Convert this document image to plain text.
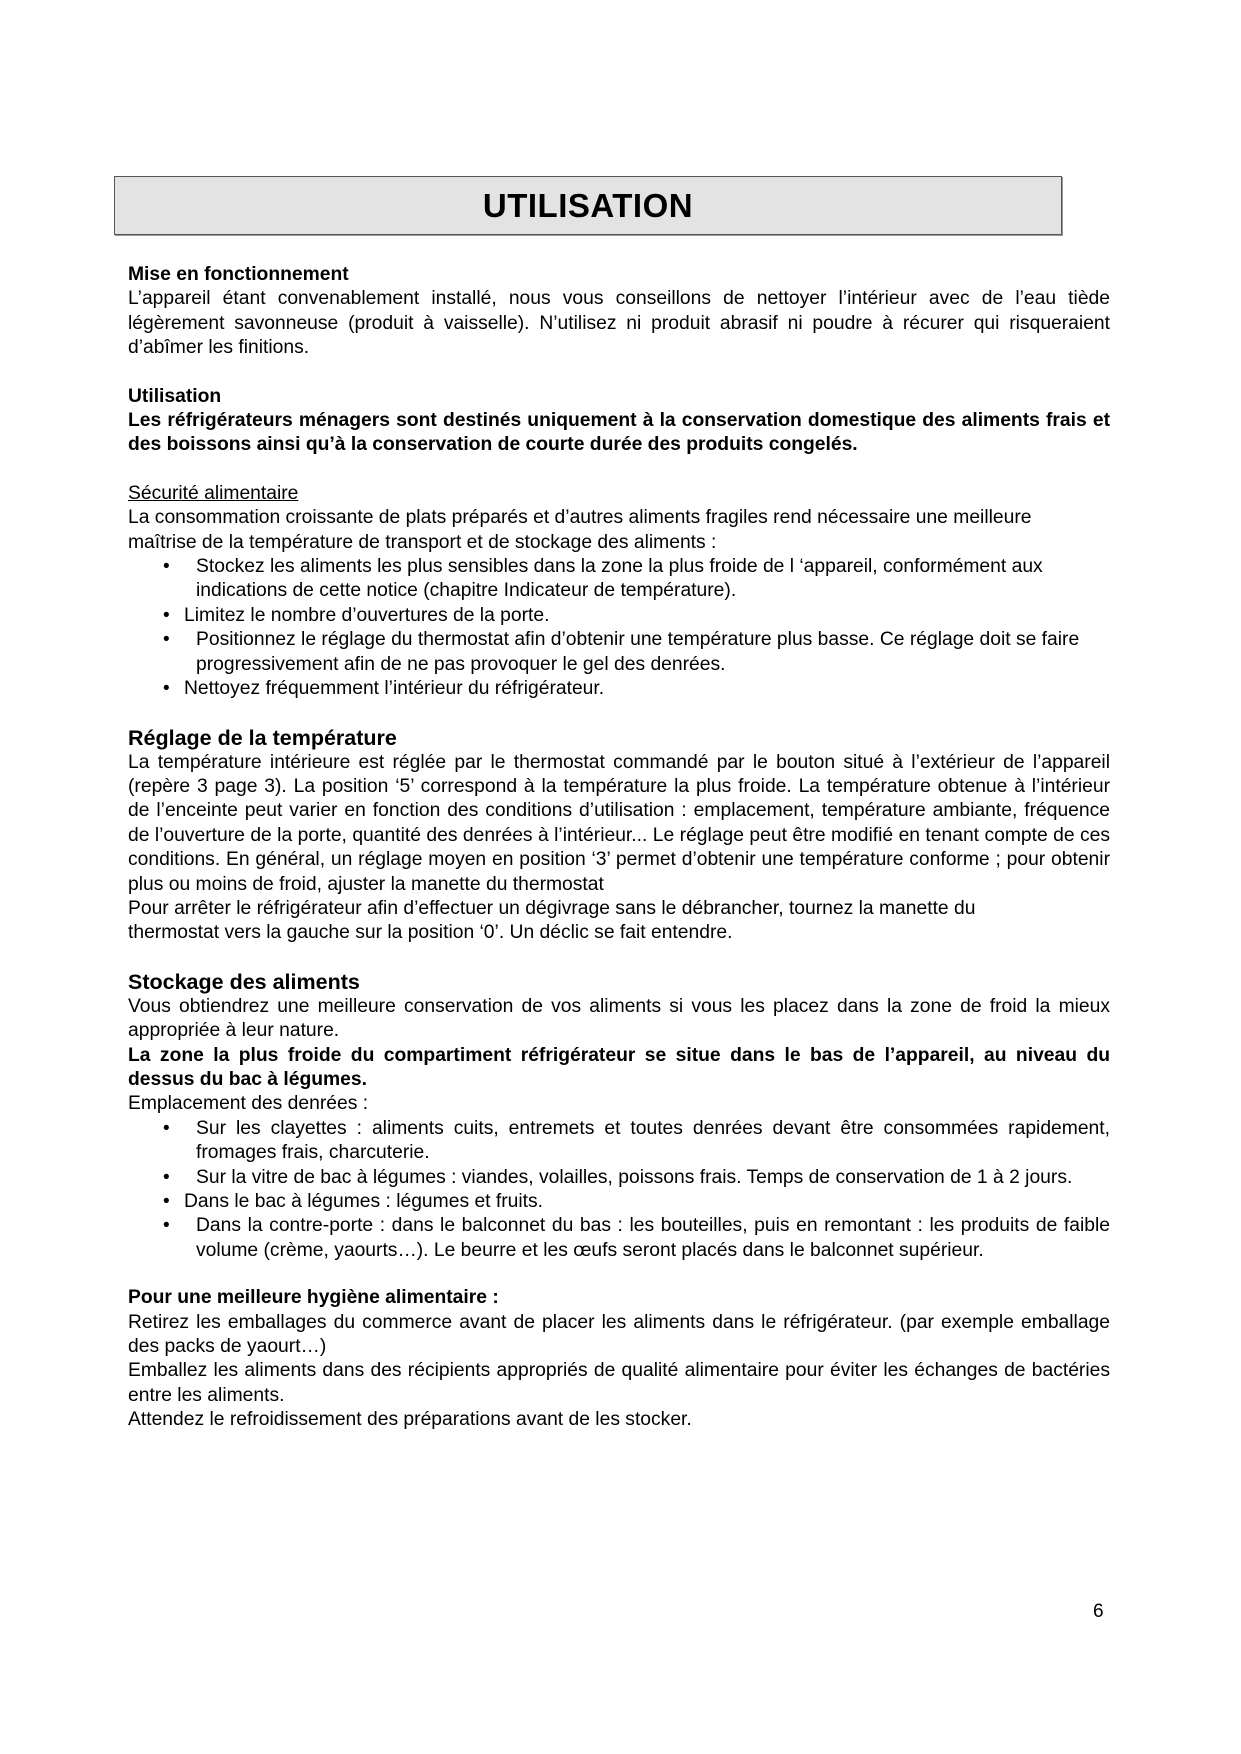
UTILISATION

Mise en fonctionnement

L’appareil étant convenablement installé, nous vous conseillons de nettoyer l’intérieur avec de l’eau tiède légèrement savonneuse (produit à vaisselle). N’utilisez ni produit abrasif ni poudre à récurer qui risqueraient d’abîmer les finitions.

Utilisation

Les réfrigérateurs ménagers sont destinés uniquement à la conservation domestique des aliments frais et des boissons ainsi qu’à la conservation de courte durée des produits congelés.

Sécurité alimentaire

La consommation croissante de plats préparés et d’autres aliments fragiles rend nécessaire une meilleure maîtrise de la température de transport et de stockage des aliments :

• Stockez les aliments les plus sensibles dans la zone la plus froide de l ‘appareil, conformément aux indications de cette notice (chapitre Indicateur de température).
• Limitez le nombre d’ouvertures de la porte.
• Positionnez le réglage du thermostat afin d’obtenir une température plus basse. Ce réglage doit se faire progressivement afin de ne pas provoquer le gel des denrées.
• Nettoyez fréquemment l’intérieur du réfrigérateur.

Réglage de la température

La température intérieure est réglée par le thermostat commandé par le bouton situé à l’extérieur de l’appareil (repère 3 page 3). La position ‘5’ correspond à la température la plus froide. La température obtenue à l’intérieur de l’enceinte peut varier en fonction des conditions d’utilisation : emplacement, température ambiante, fréquence de l’ouverture de la porte, quantité des denrées à l’intérieur... Le réglage peut être modifié en tenant compte de ces conditions. En général, un réglage moyen en position ‘3’ permet d’obtenir une température conforme ; pour obtenir plus ou moins de froid, ajuster la manette du thermostat

Pour arrêter le réfrigérateur afin d’effectuer un dégivrage sans le débrancher, tournez la manette du thermostat vers la gauche sur la position ‘0’. Un déclic se fait entendre.

Stockage des aliments

Vous obtiendrez une meilleure conservation de vos aliments si vous les placez dans la zone de froid la mieux appropriée à leur nature.

La zone la plus froide du compartiment réfrigérateur se situe dans le bas de l’appareil, au niveau du dessus du bac à légumes.

Emplacement des denrées :

• Sur les clayettes : aliments cuits, entremets et toutes denrées devant être consommées rapidement, fromages frais, charcuterie.
• Sur la vitre de bac à légumes : viandes, volailles, poissons frais. Temps de conservation de 1 à 2 jours.
• Dans le bac à légumes : légumes et fruits.
• Dans la contre-porte : dans le balconnet du bas : les bouteilles, puis en remontant : les produits de faible volume (crème, yaourts…). Le beurre et les œufs seront placés dans le balconnet supérieur.

Pour une meilleure hygiène alimentaire :

Retirez les emballages du commerce avant de placer les aliments dans le réfrigérateur. (par exemple emballage des packs de yaourt…)

Emballez les aliments dans des récipients appropriés de qualité alimentaire pour éviter les échanges de bactéries entre les aliments.

Attendez le refroidissement des préparations avant de les stocker.

6
